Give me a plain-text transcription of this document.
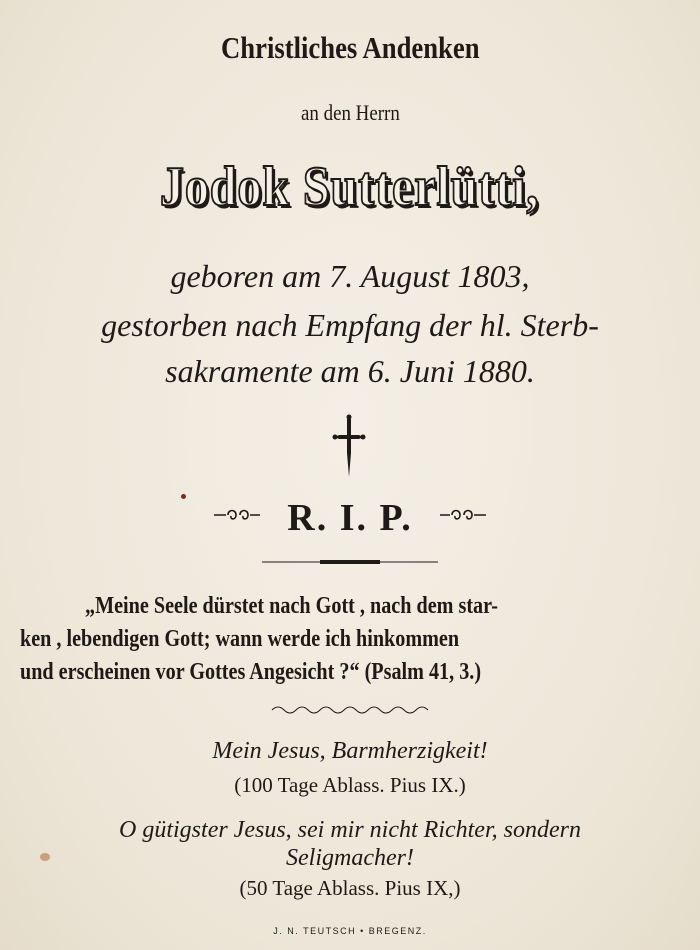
Christliches Andenken
an den Herrn
Jodok Sutterlütti,
geboren am 7. August 1803,
gestorben nach Empfang der hl. Sterb-
sakramente am 6. Juni 1880.
R. I. P.
„Meine Seele dürstet nach Gott , nach dem star-
ken , lebendigen Gott; wann werde ich hinkommen
und erscheinen vor Gottes Angesicht ?“ (Psalm 41, 3.)
Mein Jesus, Barmherzigkeit!
(100 Tage Ablass. Pius IX.)
O gütigster Jesus, sei mir nicht Richter, sondern
Seligmacher!
(50 Tage Ablass. Pius IX,)
J. N. TEUTSCH • BREGENZ.
